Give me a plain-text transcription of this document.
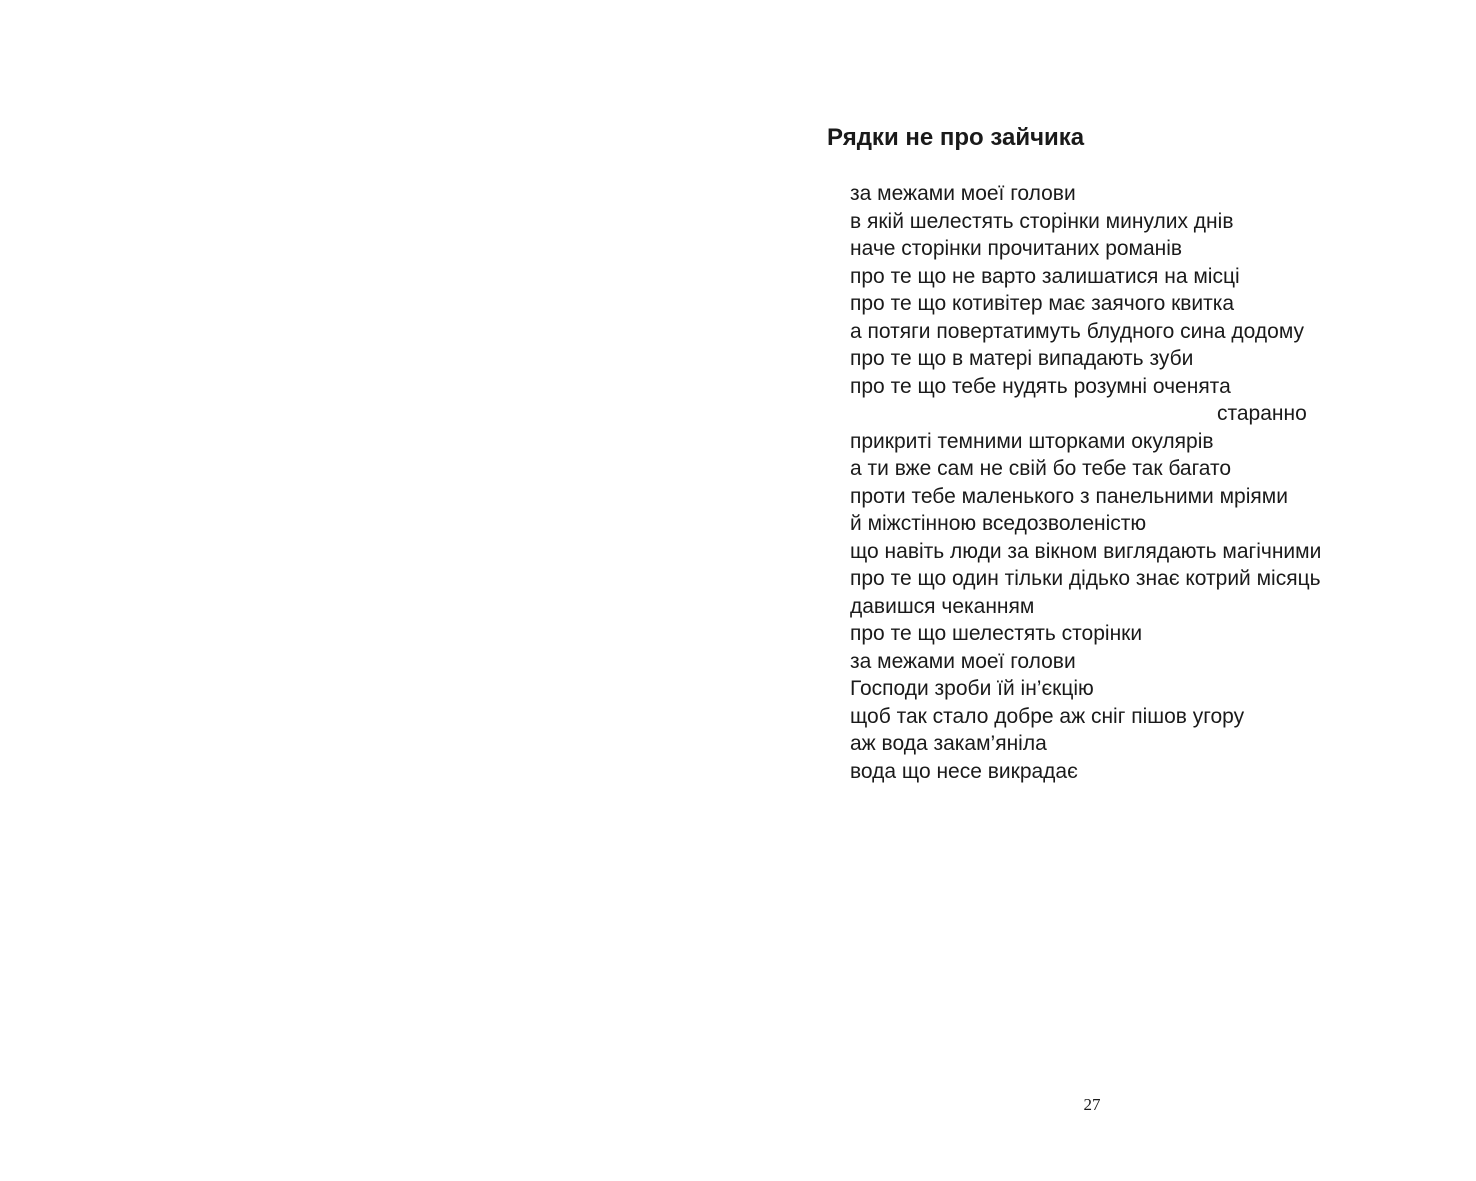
Рядки не про зайчика
за межами моеї голови
в якій шелестять сторінки минулих днів
наче сторінки прочитаних романів
про те що не варто залишатися на місці
про те що котивітер має заячого квитка
а потяги повертатимуть блудного сина додому
про те що в матері випадають зуби
про те що тебе нудять розумні оченята
старанно
прикриті темними шторками окулярів
а ти вже сам не свій бо тебе так багато
проти тебе маленького з панельними мріями
й міжстінною вседозволеністю
що навіть люди за вікном виглядають магічними
про те що один тільки дідько знає котрий місяць
давишся чеканням
про те що шелестять сторінки
за межами моеї голови
Господи зроби їй ін’єкцію
щоб так стало добре аж сніг пішов угору
аж вода закам’яніла
вода що несе викрадає
27
